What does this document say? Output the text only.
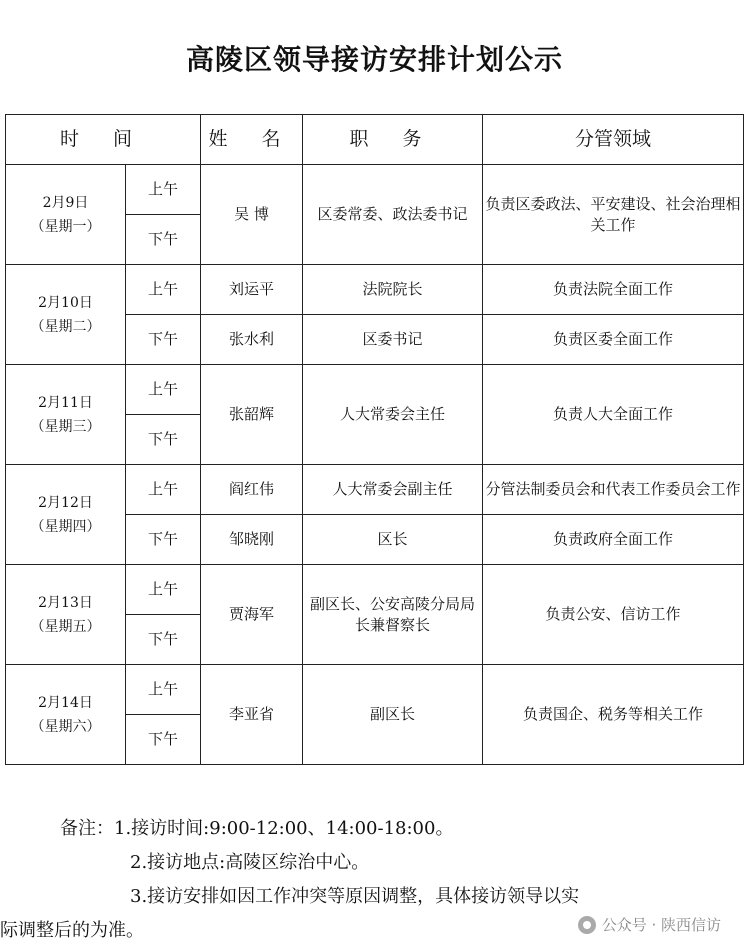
高陵区领导接访安排计划公示
时 间		姓 名	职 务	分管领域
2月9日
（星期一）	上午	吴 博	区委常委、政法委书记	负责区委政法、平安建设、社会治理相关工作
	下午			
2月10日
（星期二）	上午	刘运平	法院院长	负责法院全面工作
	下午	张水利	区委书记	负责区委全面工作
2月11日
（星期三）	上午	张韶辉	人大常委会主任	负责人大全面工作
	下午			
2月12日
（星期四）	上午	阎红伟	人大常委会副主任	分管法制委员会和代表工作委员会工作
	下午	邹晓刚	区长	负责政府全面工作
2月13日
（星期五）	上午	贾海军	副区长、公安高陵分局局长兼督察长	负责公安、信访工作
	下午			
2月14日
（星期六）	上午	李亚省	副区长	负责国企、税务等相关工作
	下午			
备注：1.接访时间:9:00-12:00、14:00-18:00。
2.接访地点:高陵区综治中心。
3.接访安排如因工作冲突等原因调整，具体接访领导以实
际调整后的为准。	公众号 · 陕西信访
